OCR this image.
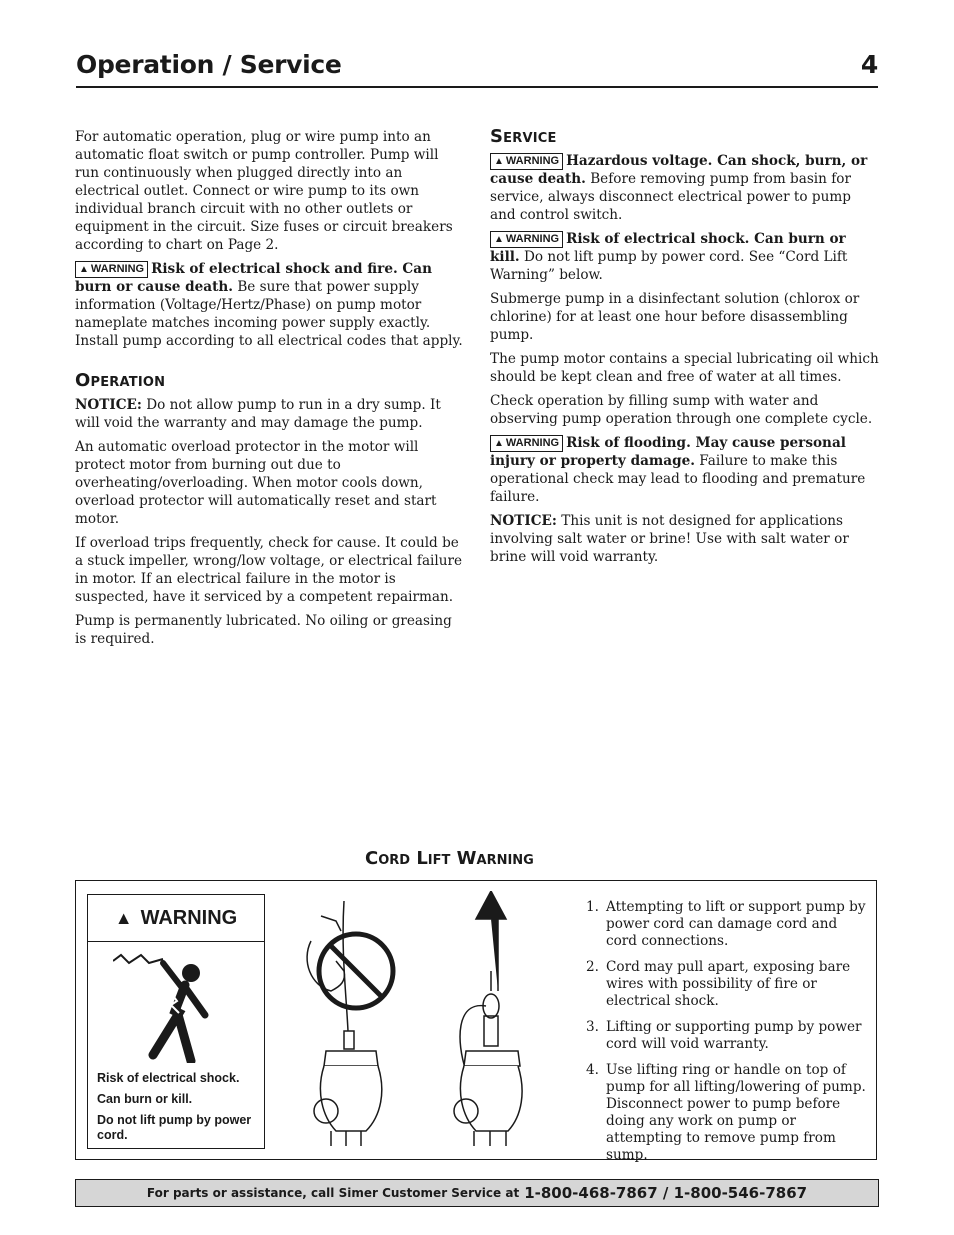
Operation / Service	4

For automatic operation, plug or wire pump into an automatic float switch or pump controller. Pump will run continuously when plugged directly into an electrical outlet. Connect or wire pump to its own individual branch circuit with no other outlets or equipment in the circuit. Size fuses or circuit breakers according to chart on Page 2.

▲ WARNING Risk of electrical shock and fire. Can burn or cause death. Be sure that power supply information (Voltage/Hertz/Phase) on pump motor nameplate matches incoming power supply exactly. Install pump according to all electrical codes that apply.

Operation

NOTICE: Do not allow pump to run in a dry sump. It will void the warranty and may damage the pump.

An automatic overload protector in the motor will protect motor from burning out due to overheating/overloading. When motor cools down, overload protector will automatically reset and start motor.

If overload trips frequently, check for cause. It could be a stuck impeller, wrong/low voltage, or electrical failure in motor. If an electrical failure in the motor is suspected, have it serviced by a competent repairman.

Pump is permanently lubricated. No oiling or greasing is required.

Service

▲ WARNING Hazardous voltage. Can shock, burn, or cause death. Before removing pump from basin for service, always disconnect electrical power to pump and control switch.

▲ WARNING Risk of electrical shock. Can burn or kill. Do not lift pump by power cord. See “Cord Lift Warning” below.

Submerge pump in a disinfectant solution (chlorox or chlorine) for at least one hour before disassembling pump.

The pump motor contains a special lubricating oil which should be kept clean and free of water at all times.

Check operation by filling sump with water and observing pump operation through one complete cycle.

▲ WARNING Risk of flooding. May cause personal injury or property damage. Failure to make this operational check may lead to flooding and premature failure.

NOTICE: This unit is not designed for applications involving salt water or brine! Use with salt water or brine will void warranty.

Cord Lift Warning
▲ WARNING
Risk of electrical shock.
Can burn or kill.
Do not lift pump by power cord.
1. Attempting to lift or support pump by power cord can damage cord and cord connections.
2. Cord may pull apart, exposing bare wires with possibility of fire or electrical shock.
3. Lifting or supporting pump by power cord will void warranty.
4. Use lifting ring or handle on top of pump for all lifting/lowering of pump. Disconnect power to pump before doing any work on pump or attempting to remove pump from sump.
For parts or assistance, call Simer Customer Service at 1-800-468-7867 / 1-800-546-7867
